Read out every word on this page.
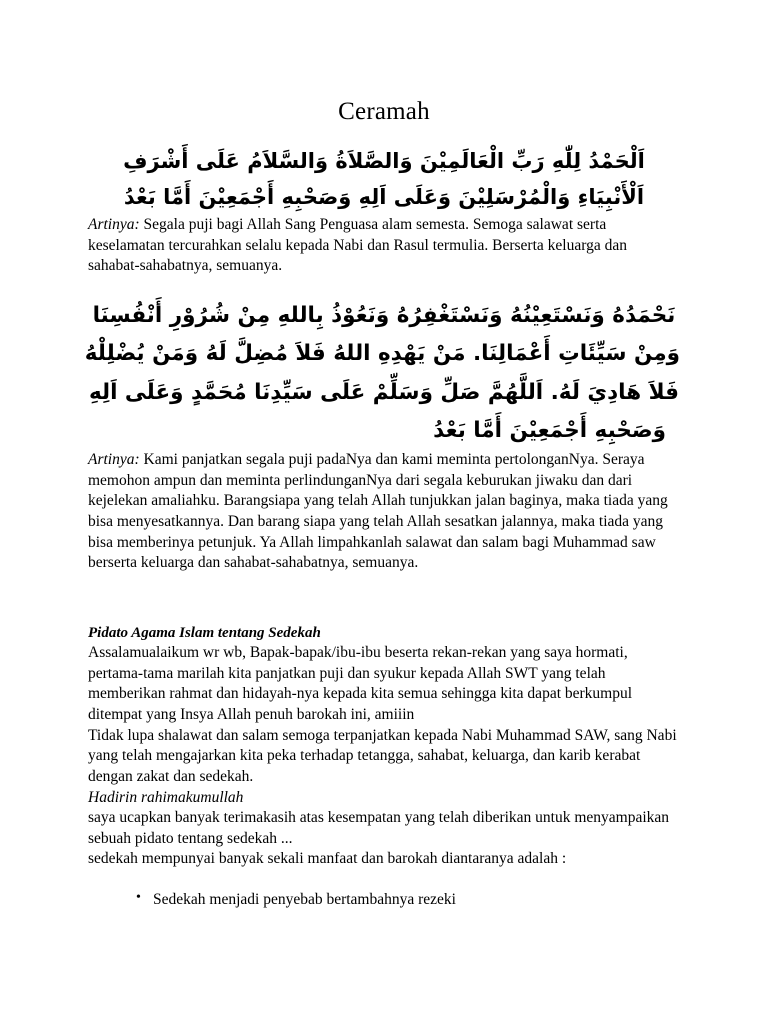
Ceramah
اَلْحَمْدُ لِلّٰهِ رَبِّ الْعَالَمِيْنَ وَالصَّلاَةُ وَالسَّلاَمُ عَلَى أَشْرَفِ
اَلْأَنْبِيَاءِ وَالْمُرْسَلِيْنَ وَعَلَى اَلِهِ وَصَحْبِهِ أَجْمَعِيْنَ أَمَّا بَعْدُ

Artinya: Segala puji bagi Allah Sang Penguasa alam semesta. Semoga salawat serta keselamatan tercurahkan selalu kepada Nabi dan Rasul termulia. Berserta keluarga dan sahabat-sahabatnya, semuanya.

نَحْمَدُهُ وَنَسْتَعِيْنُهُ وَنَسْتَغْفِرُهُ وَنَعُوْذُ بِاللهِ مِنْ شُرُوْرِ أَنْفُسِنَا
وَمِنْ سَيِّئَاتِ أَعْمَالِنَا. مَنْ يَهْدِهِ اللهُ فَلاَ مُضِلَّ لَهُ وَمَنْ يُضْلِلْهُ
فَلاَ هَادِيَ لَهُ. اَللَّهُمَّ صَلِّ وَسَلِّمْ عَلَى سَيِّدِنَا مُحَمَّدٍ وَعَلَى اَلِهِ
وَصَحْبِهِ أَجْمَعِيْنَ أَمَّا بَعْدُ

Artinya: Kami panjatkan segala puji padaNya dan kami meminta pertolonganNya. Seraya memohon ampun dan meminta perlindunganNya dari segala keburukan jiwaku dan dari kejelekan amaliahku. Barangsiapa yang telah Allah tunjukkan jalan baginya, maka tiada yang bisa menyesatkannya. Dan barang siapa yang telah Allah sesatkan jalannya, maka tiada yang bisa memberinya petunjuk. Ya Allah limpahkanlah salawat dan salam bagi Muhammad saw berserta keluarga dan sahabat-sahabatnya, semuanya.

Pidato Agama Islam tentang Sedekah

Assalamualaikum wr wb, Bapak-bapak/ibu-ibu beserta rekan-rekan yang saya hormati, pertama-tama marilah kita panjatkan puji dan syukur kepada Allah SWT yang telah memberikan rahmat dan hidayah-nya kepada kita semua sehingga kita dapat berkumpul ditempat yang Insya Allah penuh barokah ini, amiiin

Tidak lupa shalawat dan salam semoga terpanjatkan kepada Nabi Muhammad SAW, sang Nabi yang telah mengajarkan kita peka terhadap tetangga, sahabat, keluarga, dan karib kerabat dengan zakat dan sedekah.

Hadirin rahimakumullah

saya ucapkan banyak terimakasih atas kesempatan yang telah diberikan untuk menyampaikan sebuah pidato tentang sedekah ...

sedekah mempunyai banyak sekali manfaat dan barokah diantaranya adalah :

• Sedekah menjadi penyebab bertambahnya rezeki
